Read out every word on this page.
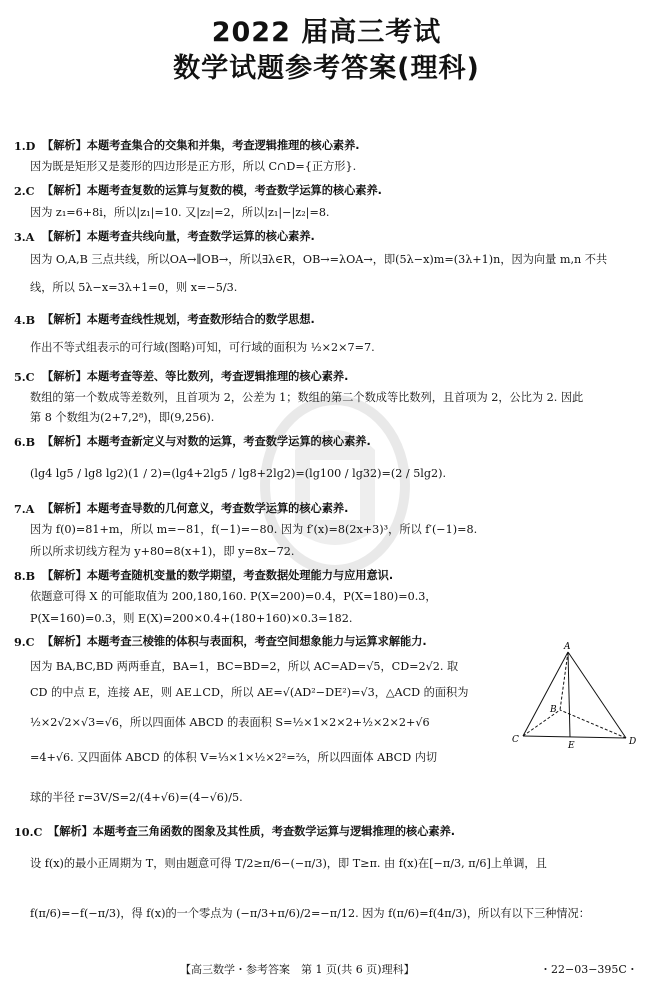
2022 届高三考试
数学试题参考答案(理科)
1.D 【解析】本题考查集合的交集和并集，考查逻辑推理的核心素养.
因为既是矩形又是菱形的四边形是正方形，所以 C∩D={正方形}.
2.C 【解析】本题考查复数的运算与复数的模，考查数学运算的核心素养.
因为 z₁=6+8i，所以|z₁|=10. 又|z₂|=2，所以|z₁|−|z₂|=8.
3.A 【解析】本题考查共线向量，考查数学运算的核心素养.
因为 O,A,B 三点共线，所以OA→∥OB→，所以∃λ∈R，OB→=λOA→，即(5λ−x)m=(3λ+1)n，因为向量 m,n 不共
线，所以 5λ−x=3λ+1=0，则 x=−5/3.
4.B 【解析】本题考查线性规划，考查数形结合的数学思想.
作出不等式组表示的可行域(图略)可知，可行域的面积为 ½×2×7=7.
5.C 【解析】本题考查等差、等比数列，考查逻辑推理的核心素养.
数组的第一个数成等差数列，且首项为 2，公差为 1；数组的第二个数成等比数列，且首项为 2，公比为 2. 因此
第 8 个数组为(2+7,2⁸)，即(9,256).
6.B 【解析】本题考查新定义与对数的运算，考查数学运算的核心素养.
(lg4 lg5 / lg8 lg2)(1 / 2)=(lg4+2lg5 / lg8+2lg2)=(lg100 / lg32)=(2 / 5lg2).
7.A 【解析】本题考查导数的几何意义，考查数学运算的核心素养.
因为 f(0)=81+m，所以 m=−81，f(−1)=−80. 因为 f′(x)=8(2x+3)³，所以 f′(−1)=8.
所以所求切线方程为 y+80=8(x+1)，即 y=8x−72.
8.B 【解析】本题考查随机变量的数学期望，考查数据处理能力与应用意识.
依题意可得 X 的可能取值为 200,180,160. P(X=200)=0.4，P(X=180)=0.3，
P(X=160)=0.3，则 E(X)=200×0.4+(180+160)×0.3=182.
9.C 【解析】本题考查三棱锥的体积与表面积，考查空间想象能力与运算求解能力.
因为 BA,BC,BD 两两垂直，BA=1，BC=BD=2，所以 AC=AD=√5，CD=2√2. 取
CD 的中点 E，连接 AE，则 AE⊥CD，所以 AE=√(AD²−DE²)=√3，△ACD 的面积为
½×2√2×√3=√6，所以四面体 ABCD 的表面积 S=½×1×2×2+½×2×2+√6
=4+√6. 又四面体 ABCD 的体积 V=⅓×1×½×2²=⅔，所以四面体 ABCD 内切
球的半径 r=3V/S=2/(4+√6)=(4−√6)/5.
A
B
C	D
E
10.C 【解析】本题考查三角函数的图象及其性质，考查数学运算与逻辑推理的核心素养.
设 f(x)的最小正周期为 T，则由题意可得 T/2≥π/6−(−π/3)，即 T≥π. 由 f(x)在[−π/3, π/6]上单调，且
f(π/6)=−f(−π/3)，得 f(x)的一个零点为 (−π/3+π/6)/2=−π/12. 因为 f(π/6)=f(4π/3)，所以有以下三种情况：
【高三数学・参考答案　第 1 页(共 6 页)理科】	・22−03−395C・
